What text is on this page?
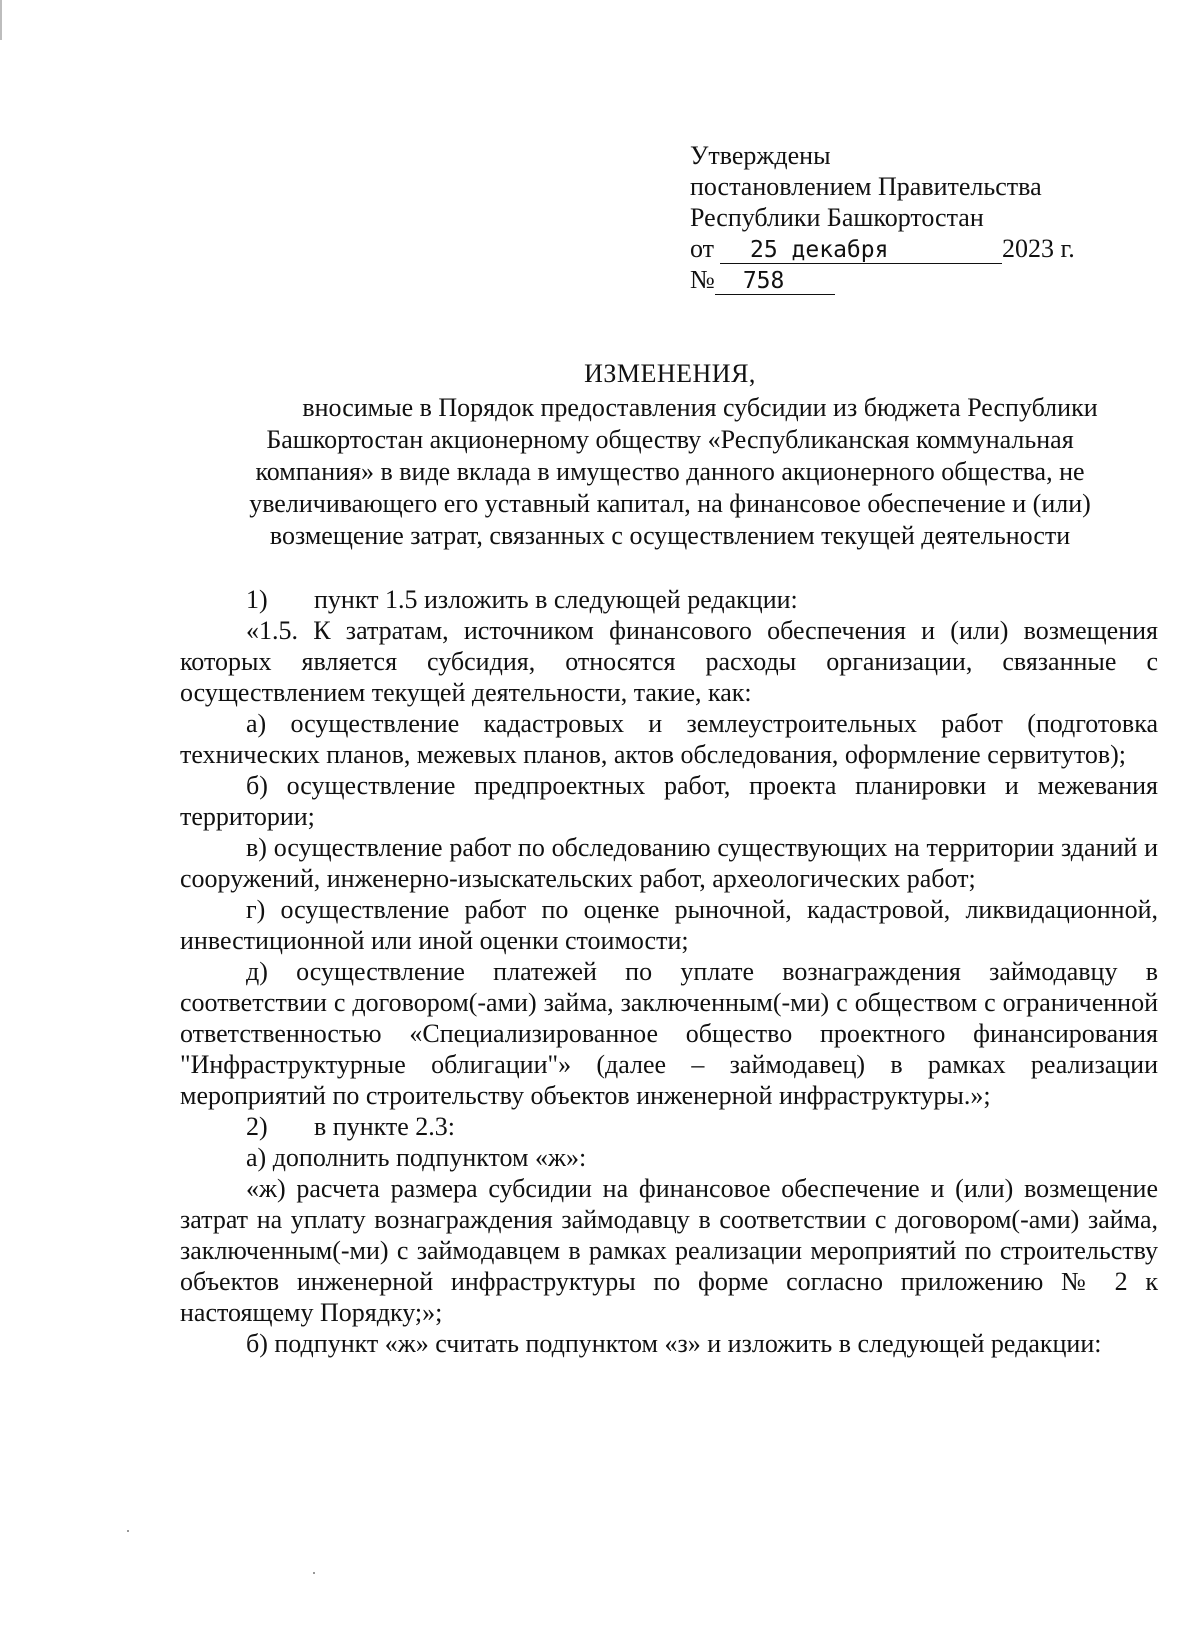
Утверждены
постановлением Правительства
Республики Башкортостан
от 25 декабря	2023 г.
№ 758
ИЗМЕНЕНИЯ,
вносимые в Порядок предоставления субсидии из бюджета Республики
Башкортостан акционерному обществу «Республиканская коммунальная
компания» в виде вклада в имущество данного акционерного общества, не
увеличивающего его уставный капитал, на финансовое обеспечение и (или)
возмещение затрат, связанных с осуществлением текущей деятельности

1) пункт 1.5 изложить в следующей редакции:

«1.5. К затратам, источником финансового обеспечения и (или) возмещения которых является субсидия, относятся расходы организации, связанные с осуществлением текущей деятельности, такие, как:

а) осуществление кадастровых и землеустроительных работ (подготовка технических планов, межевых планов, актов обследования, оформление сервитутов);

б) осуществление предпроектных работ, проекта планировки и межевания территории;

в) осуществление работ по обследованию существующих на территории зданий и сооружений, инженерно-изыскательских работ, археологических работ;

г) осуществление работ по оценке рыночной, кадастровой, ликвидационной, инвестиционной или иной оценки стоимости;

д) осуществление платежей по уплате вознаграждения займодавцу в соответствии с договором(-ами) займа, заключенным(-ми) с обществом с ограниченной ответственностью «Специализированное общество проектного финансирования "Инфраструктурные облигации"» (далее – займодавец) в рамках реализации мероприятий по строительству объектов инженерной инфраструктуры.»;

2) в пункте 2.3:

а) дополнить подпунктом «ж»:

«ж) расчета размера субсидии на финансовое обеспечение и (или) возмещение затрат на уплату вознаграждения займодавцу в соответствии с договором(-ами) займа, заключенным(-ми) с займодавцем в рамках реализации мероприятий по строительству объектов инженерной инфраструктуры по форме согласно приложению № 2 к настоящему Порядку;»;

б) подпункт «ж» считать подпунктом «з» и изложить в следующей редакции:
